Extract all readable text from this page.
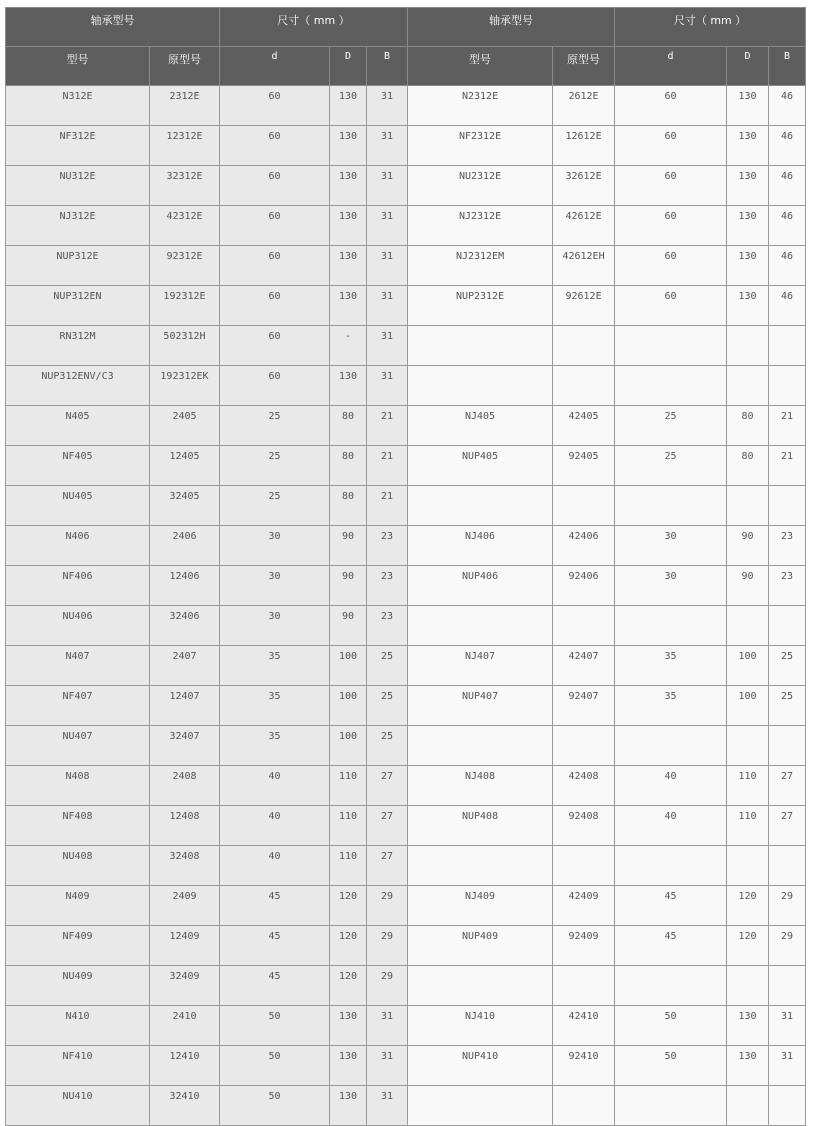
轴承型号		尺寸（ mm ）			轴承型号		尺寸（ mm ）		
型号	原型号	d	D	B	型号	原型号	d	D	B
N312E	2312E	60	130	31	N2312E	2612E	60	130	46
NF312E	12312E	60	130	31	NF2312E	12612E	60	130	46
NU312E	32312E	60	130	31	NU2312E	32612E	60	130	46
NJ312E	42312E	60	130	31	NJ2312E	42612E	60	130	46
NUP312E	92312E	60	130	31	NJ2312EM	42612EH	60	130	46
NUP312EN	192312E	60	130	31	NUP2312E	92612E	60	130	46
RN312M	502312H	60	-	31					
NUP312ENV/C3	192312EK	60	130	31					
N405	2405	25	80	21	NJ405	42405	25	80	21
NF405	12405	25	80	21	NUP405	92405	25	80	21
NU405	32405	25	80	21					
N406	2406	30	90	23	NJ406	42406	30	90	23
NF406	12406	30	90	23	NUP406	92406	30	90	23
NU406	32406	30	90	23					
N407	2407	35	100	25	NJ407	42407	35	100	25
NF407	12407	35	100	25	NUP407	92407	35	100	25
NU407	32407	35	100	25					
N408	2408	40	110	27	NJ408	42408	40	110	27
NF408	12408	40	110	27	NUP408	92408	40	110	27
NU408	32408	40	110	27					
N409	2409	45	120	29	NJ409	42409	45	120	29
NF409	12409	45	120	29	NUP409	92409	45	120	29
NU409	32409	45	120	29					
N410	2410	50	130	31	NJ410	42410	50	130	31
NF410	12410	50	130	31	NUP410	92410	50	130	31
NU410	32410	50	130	31					
